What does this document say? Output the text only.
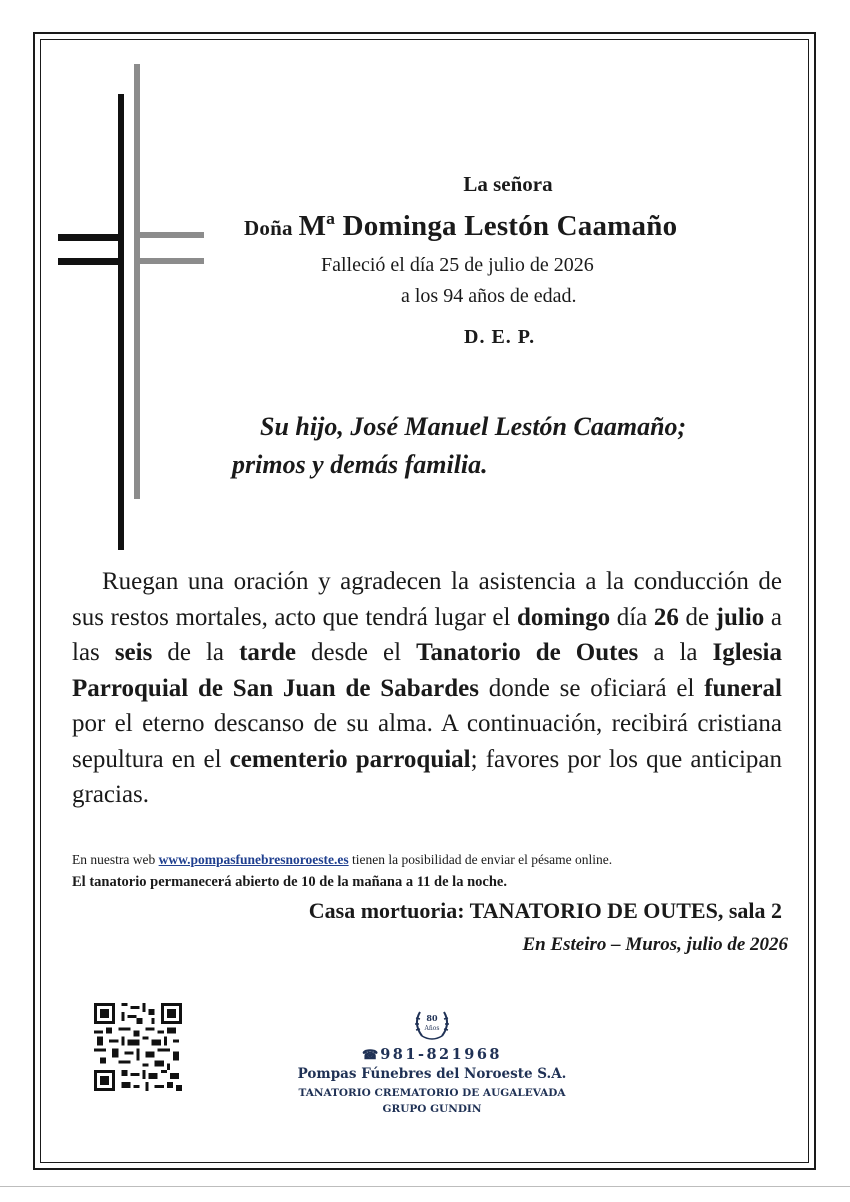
La señora
Doña Mª Dominga Lestón Caamaño
Falleció el día 25 de julio de 2026
a los 94 años de edad.
D. E. P.
Su hijo, José Manuel Lestón Caamaño;
primos y demás familia.
Ruegan una oración y agradecen la asistencia a la conducción de sus restos mortales, acto que tendrá lugar el domingo día 26 de julio a las seis de la tarde desde el Tanatorio de Outes a la Iglesia Parroquial de San Juan de Sabardes donde se oficiará el funeral por el eterno descanso de su alma. A continuación, recibirá cristiana sepultura en el cementerio parroquial; favores por los que anticipan gracias.
En nuestra web www.pompasfunebresnoroeste.es tienen la posibilidad de enviar el pésame online.
El tanatorio permanecerá abierto de 10 de la mañana a 11 de la noche.
Casa mortuoria: TANATORIO DE OUTES, sala 2
En Esteiro – Muros, julio de 2026
80
Años
☎ 981-821968
Pompas Fúnebres del Noroeste S.A.
TANATORIO CREMATORIO DE AUGALEVADA
GRUPO GUNDIN
